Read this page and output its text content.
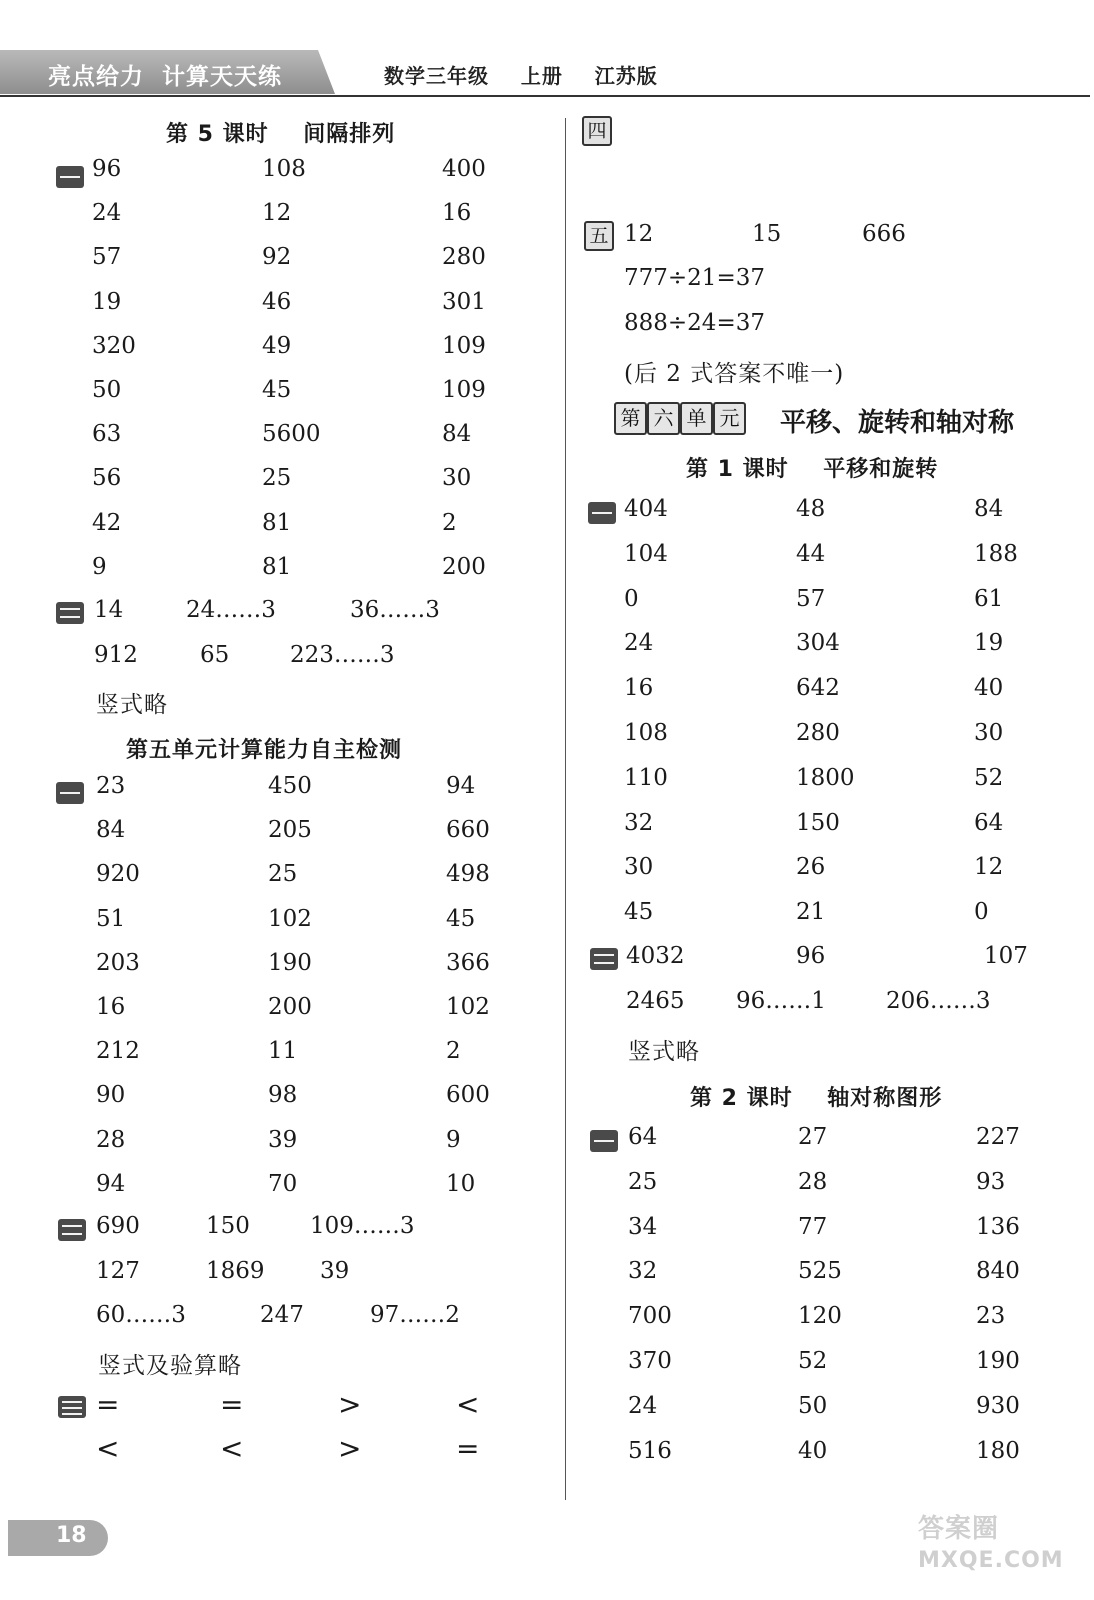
亮点给力  计算天天练	数学三年级    上册    江苏版
第 5 课时    间隔排列
96	108	400
24	12	16
57	92	280
19	46	301
320	49	109
50	45	109
63	5600	84
56	25	30
42	81	2
9	81	200
14	24……3	36……3
912	65	223……3
竖式略
第五单元计算能力自主检测
23	450	94
84	205	660
920	25	498
51	102	45
203	190	366
16	200	102
212	11	2
90	98	600
28	39	9
94	70	10
690	150	109……3
127	1869 39
60……3	247	97……2
竖式及验算略
=	=	>	<
<	<	>	=
四
五 12	15	666
777÷21=37
888÷24=37
(后 2 式答案不唯一)
第 六 单 元 平移、旋转和轴对称
第 1 课时    平移和旋转
404	48	84
104	44	188
0	57	61
24	304	19
16	642	40
108	280	30
110	1800	52
32	150	64
30	26	12
45	21	0
4032	96	107
2465 96……1	206……3
竖式略
第 2 课时    轴对称图形
64	27	227
25	28	93
34	77	136
32	525	840
700	120	23
370	52	190
24	50	930
516	40	180
18	答案圈
MXQE.COM
